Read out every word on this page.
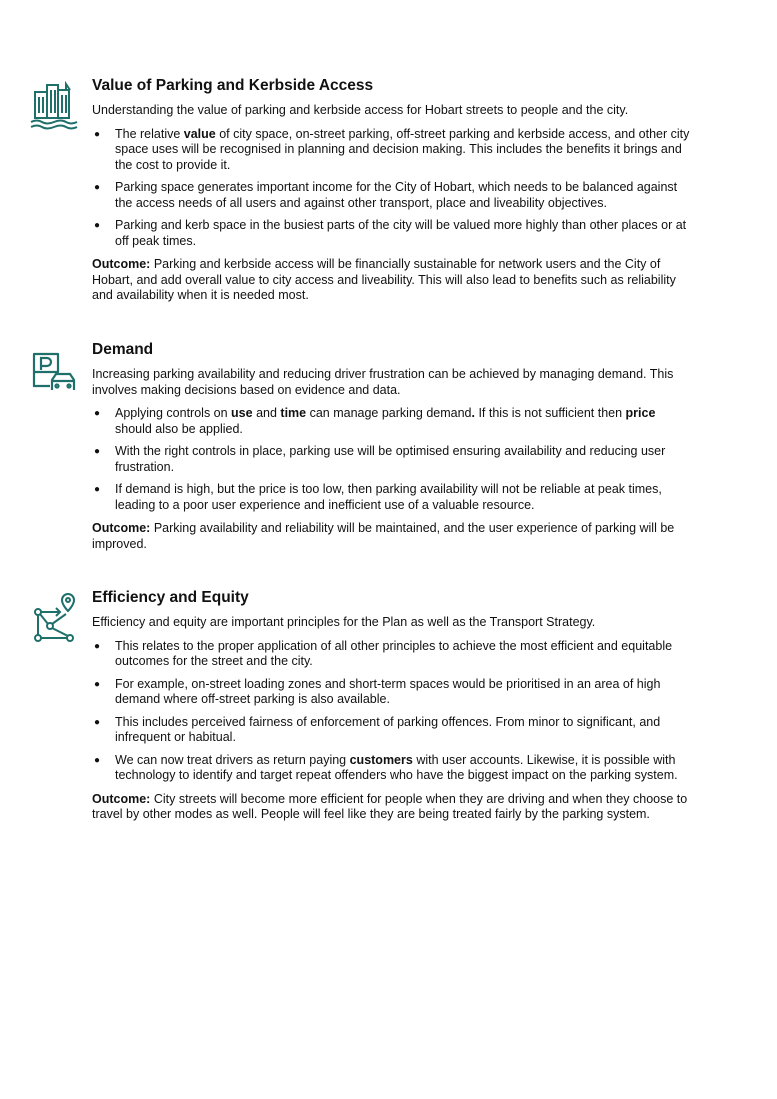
Value of Parking and Kerbside Access

Understanding the value of parking and kerbside access for Hobart streets to people and the city.

● The relative value of city space, on-street parking, off-street parking and kerbside access, and other city space uses will be recognised in planning and decision making. This includes the benefits it brings and the cost to provide it.
● Parking space generates important income for the City of Hobart, which needs to be balanced against the access needs of all users and against other transport, place and liveability objectives.
● Parking and kerb space in the busiest parts of the city will be valued more highly than other places or at off peak times.

Outcome: Parking and kerbside access will be financially sustainable for network users and the City of Hobart, and add overall value to city access and liveability. This will also lead to benefits such as reliability and availability when it is needed most.

Demand

Increasing parking availability and reducing driver frustration can be achieved by managing demand. This involves making decisions based on evidence and data.

● Applying controls on use and time can manage parking demand. If this is not sufficient then price should also be applied.
● With the right controls in place, parking use will be optimised ensuring availability and reducing user frustration.
● If demand is high, but the price is too low, then parking availability will not be reliable at peak times, leading to a poor user experience and inefficient use of a valuable resource.

Outcome: Parking availability and reliability will be maintained, and the user experience of parking will be improved.

Efficiency and Equity

Efficiency and equity are important principles for the Plan as well as the Transport Strategy.

● This relates to the proper application of all other principles to achieve the most efficient and equitable outcomes for the street and the city.
● For example, on-street loading zones and short-term spaces would be prioritised in an area of high demand where off-street parking is also available.
● This includes perceived fairness of enforcement of parking offences. From minor to significant, and infrequent or habitual.
● We can now treat drivers as return paying customers with user accounts. Likewise, it is possible with technology to identify and target repeat offenders who have the biggest impact on the parking system.

Outcome: City streets will become more efficient for people when they are driving and when they choose to travel by other modes as well. People will feel like they are being treated fairly by the parking system.
